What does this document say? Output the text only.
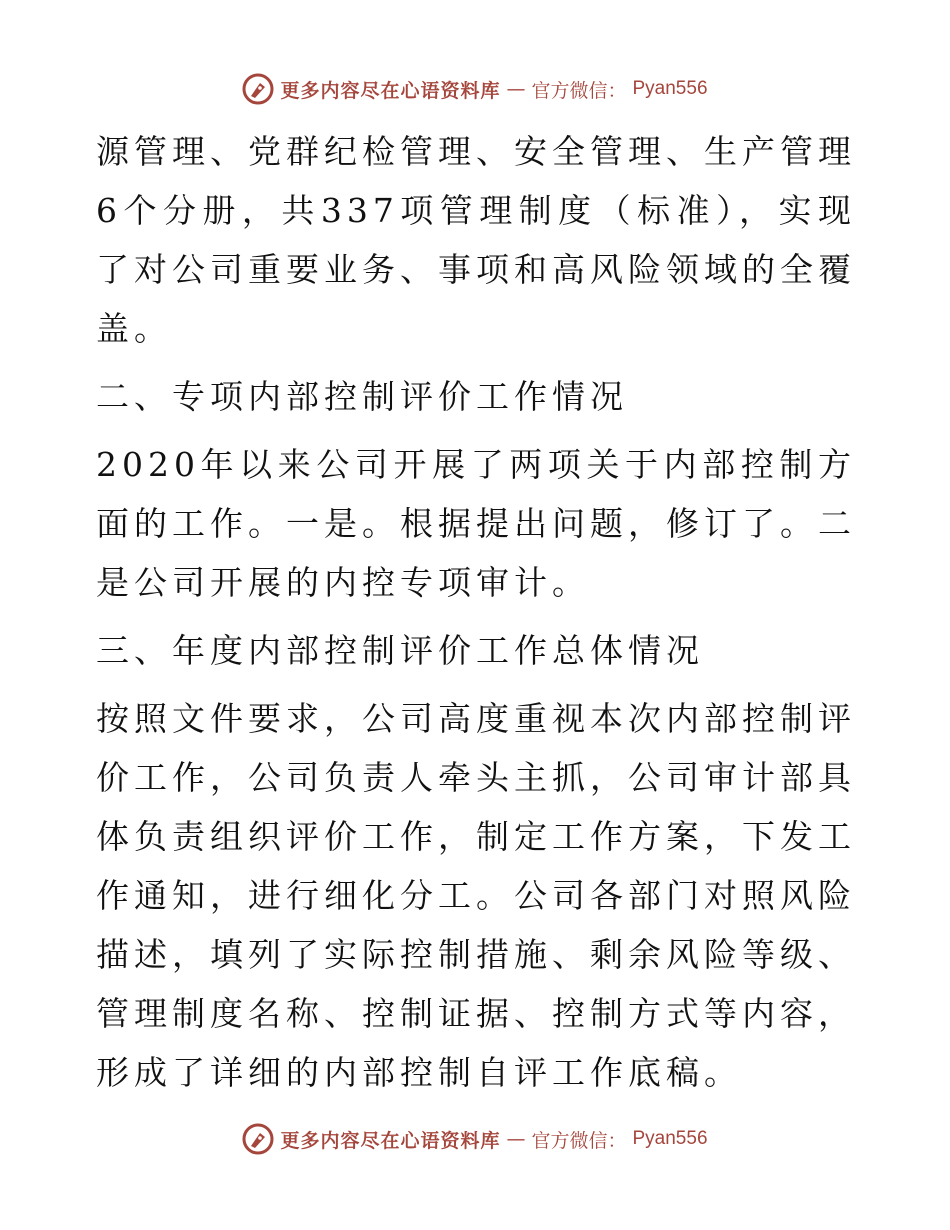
更多内容尽在心语资料库 — 官方微信： Pyan556

源管理、党群纪检管理、安全管理、生产管理6个分册，共337项管理制度（标准），实现了对公司重要业务、事项和高风险领域的全覆盖。

二、专项内部控制评价工作情况

2020年以来公司开展了两项关于内部控制方面的工作。一是。根据提出问题，修订了。二是公司开展的内控专项审计。

三、年度内部控制评价工作总体情况

按照文件要求，公司高度重视本次内部控制评价工作，公司负责人牵头主抓，公司审计部具体负责组织评价工作，制定工作方案，下发工作通知，进行细化分工。公司各部门对照风险描述，填列了实际控制措施、剩余风险等级、管理制度名称、控制证据、控制方式等内容，形成了详细的内部控制自评工作底稿。

更多内容尽在心语资料库 — 官方微信： Pyan556
